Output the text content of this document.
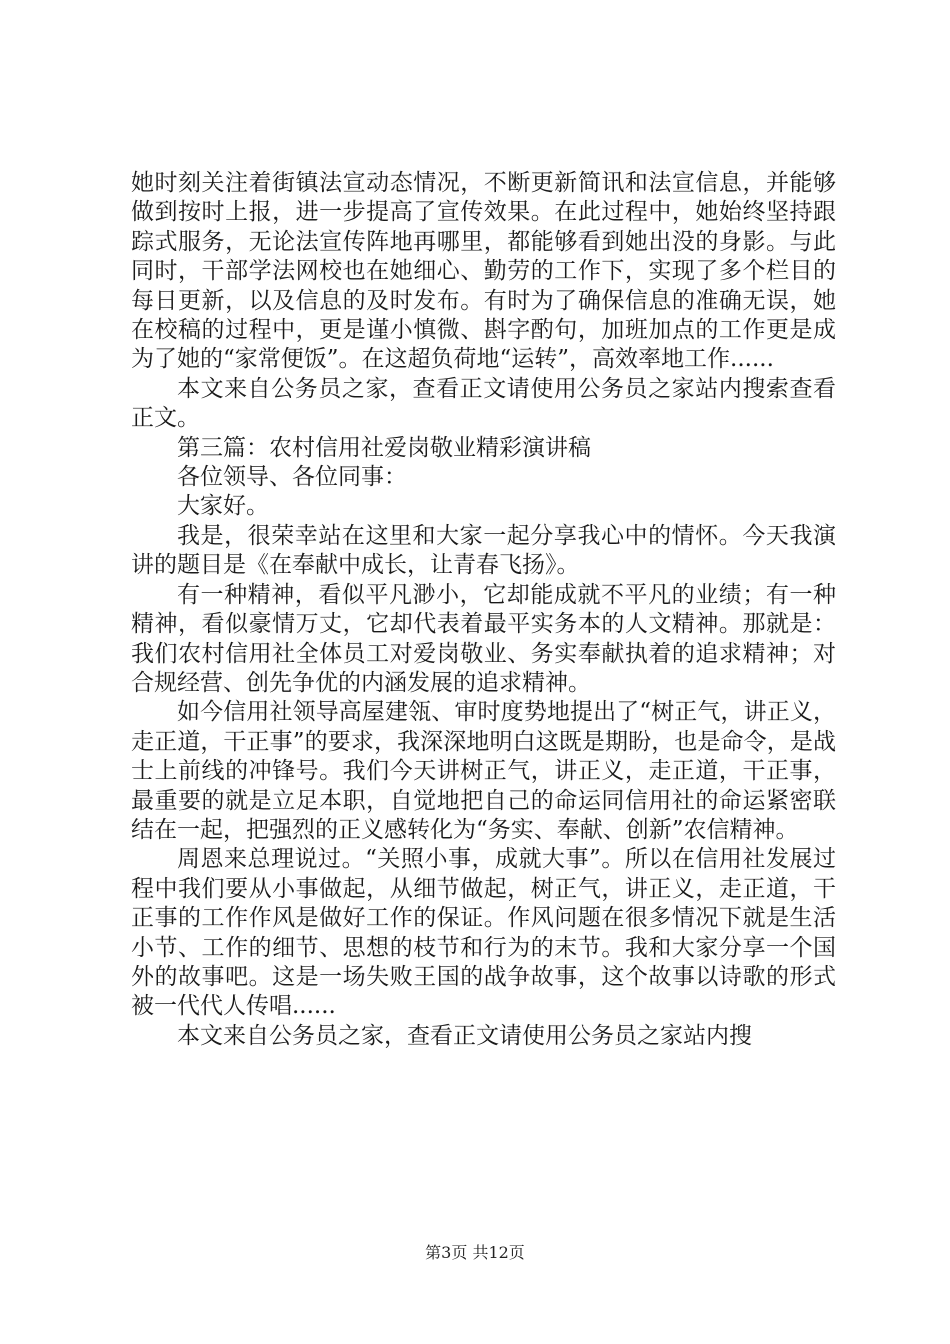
她时刻关注着街镇法宣动态情况，不断更新简讯和法宣信息，并能够做到按时上报，进一步提高了宣传效果。在此过程中，她始终坚持跟踪式服务，无论法宣传阵地再哪里，都能够看到她出没的身影。与此同时，干部学法网校也在她细心、勤劳的工作下，实现了多个栏目的每日更新，以及信息的及时发布。有时为了确保信息的准确无误，她在校稿的过程中，更是谨小慎微、斟字酌句，加班加点的工作更是成为了她的“家常便饭”。在这超负荷地“运转”，高效率地工作......

本文来自公务员之家，查看正文请使用公务员之家站内搜索查看正文。

第三篇：农村信用社爱岗敬业精彩演讲稿

各位领导、各位同事：

大家好。

我是，很荣幸站在这里和大家一起分享我心中的情怀。今天我演讲的题目是《在奉献中成长，让青春飞扬》。

有一种精神，看似平凡渺小，它却能成就不平凡的业绩；有一种精神，看似豪情万丈，它却代表着最平实务本的人文精神。那就是：我们农村信用社全体员工对爱岗敬业、务实奉献执着的追求精神；对合规经营、创先争优的内涵发展的追求精神。

如今信用社领导高屋建瓴、审时度势地提出了“树正气，讲正义，走正道，干正事”的要求，我深深地明白这既是期盼，也是命令，是战士上前线的冲锋号。我们今天讲树正气，讲正义，走正道，干正事，最重要的就是立足本职，自觉地把自己的命运同信用社的命运紧密联结在一起，把强烈的正义感转化为“务实、奉献、创新”农信精神。

周恩来总理说过。“关照小事，成就大事”。所以在信用社发展过程中我们要从小事做起，从细节做起，树正气，讲正义，走正道，干正事的工作作风是做好工作的保证。作风问题在很多情况下就是生活小节、工作的细节、思想的枝节和行为的末节。我和大家分享一个国外的故事吧。这是一场失败王国的战争故事，这个故事以诗歌的形式被一代代人传唱......

本文来自公务员之家，查看正文请使用公务员之家站内搜

第3页 共12页
